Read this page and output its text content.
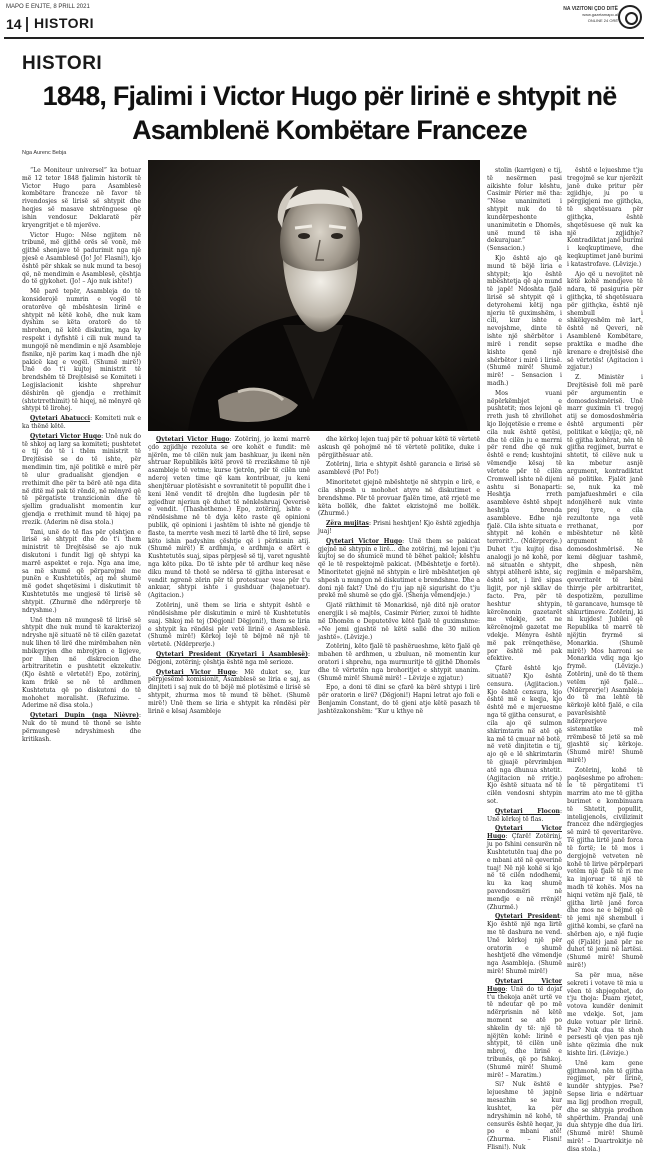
MAPO E ENJTE, 8 PRILL 2021
14 HISTORI
NA VIZITONI ÇDO DITË
www.gazetamapo.al
ONLINE 24 ORË
HISTORI
1848, Fjalimi i Victor Hugo për lirinë e shtypit në Asamblenë Kombëtare Franceze
Nga Aurenc Bebja

“Le Moniteur universel” ka botuar më 12 tetor 1848 fjalimin historik të Victor Hugo para Asamblesë kombëtare franceze në favor të rivendosjes së lirisë së shtypit dhe heqjes së masave shtrënguese që ishin vendosur. Deklaratë për kryengritjet e të mjerëve.

Victor Hugo: Nëse ngjitem në tribunë, më gjithë orës së vonë, më gjithë shenjave të padurimit nga një pjesë e Asamblesë (Jo! Jo! Flasni!), kjo është për shkak se nuk mund ta besoj që, në mendimin e Asamblesë, çështja do të gjykohet. (Jo! – Ajo nuk ishte!)

Më parë tepër, Asambleja do të konsiderojë numrin e vogël të oratorëve që mbështesin lirinë e shtypit në këtë kohë, dhe nuk kam dyshim se këta oratorë do të mbrohen, në këtë diskutim, nga ky respekt i dyfishtë i cili nuk mund ta mungojë në mendimin e një Asambleje fisnike, një parim kaq i madh dhe një pakicë kaq e vogël. (Shumë mirë!) Unë do t'i kujtoj ministrit të brendshëm të Drejtësisë se Komiteti i Legjislacionit kishte shprehur dëshirën që gjendja e rrethimit (shtetrrethimit) të hiqej, në mënyrë që shtypi të lirohej.

Qytetari Abatucci: Komiteti nuk e ka thënë këtë.

Qytetari Victor Hugo: Unë nuk do të shkoj aq larg sa komiteti; pushtetet e tij do të i thëm ministrit të Drejtësisë se do të ishte, për mendimin tim, një politikë e mirë për të ulur gradualisht gjendjen e rrethimit dhe për ta bërë atë nga dita në ditë më pak të rëndë, në mënyrë që të përgatiste tranzicionin dhe të sjellim gradualisht momentin kur gjendja e rrethimit mund të hiqej pa rrezik. (Aderim në disa stola.)

Tani, unë do të flas për çështjen e lirisë së shtypit dhe do t'i them ministrit të Drejtësisë se ajo nuk diskutoni i fundit ligj që shtypi ka marrë aspektet e reja. Nga ana ime, sa më shumë që përparojmë me punën e Kushtetutës, aq më shumë më godet shqetësimi i diskutimit të Kushtetutës me ungjesë të lirisë së shtypit. (Zhurmë dhe ndërprerje të ndryshme.)

Unë them në mungesë të lirisë së shtypit dhe nuk mund të karakterizoj ndryshe një situatë në të cilën gazetat nuk lihen të lirë dhe mirëmbahen nën mbikqyrjen dhe mbrojtjen e ligjeve, por lihen në diskrecion dhe arbitraritetin e pushtetit ekzekutiv. (Kjo është e vërtetë!) Epo, zotërinj, kam frikë se në të ardhmen Kushtetuta që po diskutoni do të mohohet moralisht. (Refuzime. – Aderime në disa stola.)

Qytetari Dupin (nga Nièvre): Nuk do të mund të thonë se ishte përmungesë ndryshimesh dhe kritikash.

Qytetari Victor Hugo: Zotërinj, jo kemi marrë çdo zgjidhje rezoluta se ore kohët e fundit: më njërën, me të cilën nuk jam bashkuar, ju ikeni nën shtruar Republikës këtë provë të rrezikshme të një asambleje të vetme; kurse tjetrën, për të cilën unë nderoj veten time që kam kontribuar, ju keni shenjtëruar plotësisht e sovranitetit të popullit dhe i keni lënë vendit të drejtën dhe lugdesin për të zgjedhur njeriun që duhet të nënkëshruaj Qeverisë e vendit. (Thashetheme.) Epo, zotërinj, ishte e rëndësishme në të dyja këto raste që opinioni publik, që opinioni i jashtëm të ishte në gjendje të flaste, ta merrte vesh mezi të lartë dhe të lirë, sepse këto ishin padyshim çështje që i përkisnin atij. (Shumë mirë!) E ardhmja, e ardhmja e afërt e Kushtetutës suaj, sipas përpjesë së tij, varet ngushtë nga këto pika. Do të ishte për të ardhur keq nëse diku mund të thotë se ndërsa të gjitha interesat e vendit ngrenë zërin për të protestuar vese për t'u ankuar, shtypi ishte i gushduar (hajanetuar). (Agitacion.)

Zotërinj, unë them se liria e shtypit është e rëndësishme për diskutimin e mirë të Kushtetutës suaj. Shkoj më tej (Dëgjoni! Dëgjoni!), them se liria e shtypit ka rëndësi për vetë lirinë e Asamblesë. (Shumë mirë!) Kërkoj lejë të bëjmë në një të vërtetë. (Ndërprerje.)

Qytetari President (Kryetari i Asamblesë): Dëgjoni, zotërinj; çështja është nga më serioze.

Qytetari Victor Hugo: Më duket se, kur përpjesëmë komisionit, Asamblesë se liria e saj, as dinjiteti i saj nuk do të bëjë më plotësimë e lirisë së shtypit, zhurma mos të mund të bëhet. (Shumë mirë!) Unë them se liria e shtypit ka rëndësi për lirinë e kësaj Asambleje

dhe kërkoj lejen tuaj për të pohuar këtë të vërtetë askush që pohojmë në të vërtetë politike, duke i përgjithësuar atë.

Zotërinj, liria e shtypit është garancia e lirisë së asamblevë (Po! Po!)

Minoritetet gjejnë mbështetje në shtypin e lirë, e cila shpesh u mohohet atyre në diskutimet e brendshme. Për të provuar fjalën time, atë rrjetë me këta bollëk, dhe faktet ekzistojnë me bollëk. (Zhurmë.)

Zëra mujitas: Prisni heshtjen! Kjo është zgjedhja juaj!

Qytetari Victor Hugo: Unë them se pakicat gjejnë në shtypin e lirë... dhe zotërinj, më lejoni t'ju kujtoj se do shumicë mund të bëhet pakicë; kështu që le të respektojmë pakicat. (Mbështetje e fortë). Minoritetet gjejnë në shtypin e lirë mbështetjen që shpesh u mungon në diskutimet e brendshme. Dhe a doni një fakt? Unë do t'ju jap një sigurisht do t'ju prekë më shumë se çdo gjë. (Shenja vëmendjeje.)

Gjatë rikthimit të Monarkisë, një ditë një orator energjik i së majtës, Casimir Périer, zuxoi të hidhte në Dhomën e Deputetëve këtë fjalë të guximshme: «Ne jemi gjashtë në këtë sallë dhe 30 milion jashtë». (Lëvizje.)

Zotërinj, këto fjalë të pashërueshme, këto fjalë që mbahen të ardhmen, u zbuluan, në momentin kur oratori i shprehu, nga murmuritje të gjithë Dhomës dhe të vërtetën nga brohoritjet e shtypit unanim. (Shumë mirë! Shumë mirë! – Lëvizje e zgjatur.)

Epo, a doni të dini se çfarë ka bërë shtypi i lirë për oratorin e lirë? (Dëgjoni!) Hapni letrat ajo foli e Benjamin Constant, do të gjeni atje këtë pasazh të jashtëzakonshëm: “Kur u kthye në

stolin (karrigen) e tij, të nesërmen pasi aikishte folur kështu, Casimir Périer më tha: “Nëse unanimiteti i shtypit nuk do të kundërpeshonte unanimitetin e Dhomës, unë mund të isha dekurajuar.” (Sensacion.)

Kjo është ajo që mund të bëjë liria e shtypit; kjo është mbështetja që ajo mund të japë! Ndoshta fjalë lirisë së shtypit që i detyrohemi këtij nga njeriu të guximshëm, i cili, kur ishte e nevojshme, dinte të ishte një shërbëtor i mirë i rendit sepse kishte qenë një shërbëtor i mirë i lirisë. (Shumë mirë! Shumë mirë! – Sensacion i madh.)

Mos vuani nëpërkëmbjet e pushtetit; mos lejoni që rreth jush të zhvillohet kjo llojqetësie e rreme e cila nuk është qetësi, dhe të cilën ju e merrni për rend dhe që nuk është e rend; kushtojini vëmendje kësaj të vërtete për të cilën Cromwell ishte në dijeni ashtu si Bonaparti: Heshtja rreth asambleve është shpejt heshtja brenda asambleve. Edhe një fjalë. Cila ishte situata e shtypit në kohën e terrorit?... (Ndërprerje.) Duhet t'ju kujtoj disa analogji jo në kohë, por në situatën e shtypit, shtypi atëherë ishte, siç është sot, i lirë sipas ligjit, por një skllav de facto. Pra, për të heshtur shtypin, kërcënonin gazetarët me vdekje, sot ne kërcënojmë gazetat me vdekje. Ményra është më pak rrënqethëse, por është më pak efektive.

Çfarë është kjo situatë? Kjo është censura. (Agjitacion.) Kjo është censura, kjo është më e keqja, kjo është më e mjeruesme nga të gjitha censurat, e cila ajo që sulmon shkrimtarin në atë që ka më të çmuar në botë, në vetë dinjitetin e tij, ajo që e lë shkrimtarin të gjuajë përvrimbjen atë nga dhunua shtetit. (Agjitacion në rritje.) Kjo është situata në të cilën vendosni shtypin sot.

Qytetari Flocon: Unë kërkoj të flas.

Qytetari Victor Hugo: Çfarë! Zotërinj, ju po fshini censurën në Kushtetutën tuaj dhe po e mbani atë në qeverinë tuaj! Në një kohë si kjo në të cilën ndodhemi, ku ka kaq shumë pavendosmëri në mendje e në rrënjë! (Zhurmë.)

Qytetari President: Kjo është një nga lirtë me të dashura ne vend. Unë kërkoj një për oratorin e shumë heshtjetë dhe vëmendje nga Asambleja. (Shumë mirë! Shumë mirë!)

Qytetari Victor Hugo: Unë do të dojaf t'u thekoja anët urtë ve të ndeutar që po më ndërprisnin në këtë moment se atë po shkelin dy të: një të njëjtën kohë: lirinë e shtypit, të cilën unë mbroj, dhe lirinë e tribunës, që po fshkoj. (Shumë mirë! Shumë mirë! – Maratim.)

Si? Nuk është e lejueshme të japjnë mesazhin se kur kushtet, ka për ndryshimin në kohë, të censurës është heqar, ju po e mbani atë! (Zhurma. – Flisni! Flisni!). Nuk

është e lejueshme t'ju tregojmë se kur njerëzit janë duke pritur për zgjidhje, ju po u përgjigjeni me gjithçka, të shqetësuara për gjithçka, është shqetësuese që nuk ka një zgjidhje? Kontradiktat janë burimi i keqkuptimeve, dhe keqkuptimet janë burimi i katastrofave. (Lëvizje.)

Ajo që u nevojitet në këtë kohë mendjeve të ndara, të pasiguria për gjithçka, të shqetësuara për gjithçka, është një shembull i shkëlqyeshëm më lart, është në Qeveri, në Asamblenë Kombëtare, praktika e madhe dhe krenare e drejtësisë dhe së vërtetës! (Agitacion i zgjatur.)

Z. Ministër i Drejtësisë foli më parë për argumentin e domosdoshmërisë. Unë marr guximin t'i tregoj atij se domosdoshmëria është argumenti për politikat e këqija; që, në të gjitha kohërat, nën të gjitha regjimet, burrat e shtetit, të cilëve nuk u ka mbetur asnjë argument, kontradiktat në politike. Fjalët janë se, nuk ka më pamjafueshmëri e cila ndonjëherë nuk vinte prej tyre, e cila rezultonte nga vetë rrethanat, por mbështetur në këtë argument të domosdoshmërisë. Ne kemi dëgjuar tashmë, dhe shpesh, nën regjimin e mëparshëm, qeveritarët të bëni thirrje për arbitraritet, despotizëm, pezullime të garancave, humsqe të shkurtimeve. Zotërinj, ki ni kujdes! Jubilei që Republika të marrë të njëjtin fryrmë si Monarkia. (Shumë mirë!) Mos harroni se Monarkia vdiq nga kjo frymë. (Lëvizje.) Zotërinj, unë do të them vetëm një fjalë... (Ndërprerje!) Asambleja do të ma lehtë të kërkojë këtë fjalë, e cila pavarësishtë ndërprerjeve sistematike më rrëmbesë të jetë sa më gjashtë siç kërkoje. (Shumë mirë! Shumë mirë!)

Zotërinj, kohë të paqëseshme po afrohen: le të përgatitemi t'i marrim ato me të gjitha burimet e kombinuara të Shtetit, popullit, inteligjencës, civilizimit francez dhe ndërgjegjes së mirë të qeveritarëve. Të gjitha lirtë janë forca të fortë; le të mos i dergjojnë vetveten në kohë të lirive përpërpari vetëm një fjalë të ri me ka injoruar të një të madh të kohës. Mos na hiqni vetëm një fjalë, të gjitha lirtë janë forca dhe mos ne e bëjmë që të jemi një shembull i gjithë kombi, se çfarë na shërben ajo, e një fuqie që (Fjalët) janë për ne duhet të jemi në lartësi. (Shumë mirë! Shumë mirë!)

Sa për mua, nëse sekreti i votave të mia u vëen të shpjegohet, do t'ju thoja: Duam rjetet, votova kundër denimit me vdekje. Sot, jam duke votuar për lirinë. Pse? Nuk dua të shoh persesti që vjen pas një ishte qëzimia dhe nuk kishte liri. (Lëvizje.)

Unë kam gene gjithmonë, nën të gjitha regjimet, për lirinë, kundër shtypjes. Pse? Sepse liria e ndërtuar ma ligj prodhon rregull, dhe se shtypja prodhon shpërthim. Prandaj unë dua shtypje dhe dua liri. (Shumë mirë! Shumë mirë! – Duartrokitje në disa stola.)
